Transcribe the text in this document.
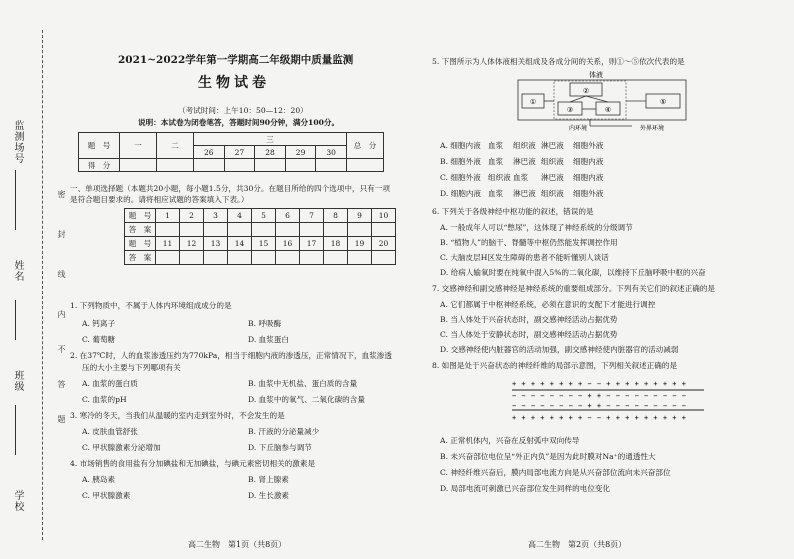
监测场号
姓名
班级
学校
密
封
线
内
不
答
题
2021~2022学年第一学期高二年级期中质量监测
生物试卷
（考试时间：上午10：50—12：20）
说明：本试卷为闭卷笔答，答题时间90分钟，满分100分。
题　号	一	二	三					总　分
			26	27	28	29	30	
得　分								
一、单项选择题（本题共20小题，每小题1.5分，共30分。在题目所给的四个选项中，只有一项
是符合题目要求的。请将相应试题的答案填入下表。）
题　号	1	2	3	4	5	6	7	8	9	10
答　案										
题　号	11	12	13	14	15	16	17	18	19	20
答　案										
1. 下列物质中，不属于人体内环境组成成分的是
A. 钙离子	B. 呼吸酶
C. 葡萄糖	D. 血浆蛋白
2. 在37℃时，人的血浆渗透压约为770kPa，相当于细胞内液的渗透压，正常情况下，血浆渗透
压的大小主要与下列哪项有关
A. 血浆的蛋白质	B. 血浆中无机盐、蛋白质的含量
C. 血浆的pH	D. 血浆中的氧气、二氧化碳的含量
3. 寒冷的冬天，当我们从温暖的室内走到室外时，不会发生的是
A. 皮肤血管舒张	B. 汗液的分泌量减少
C. 甲状腺激素分泌增加	D. 下丘脑参与调节
4. 市场销售的食用盐有分加碘盐和无加碘盐，与碘元素密切相关的激素是
A. 胰岛素	B. 肾上腺素
C. 甲状腺激素	D. 生长激素
高二生物　第1页（共8页）
5. 下图所示为人体体液相关组成及各成分间的关系，则①～⑤依次代表的是
体液
①
②
③	④
⑤
内环境	外界环境
A. 细胞内液 血浆 组织液 淋巴液 细胞外液
B. 细胞外液 血浆 淋巴液 组织液 细胞内液
C. 细胞外液 组织液 血浆 淋巴液 细胞内液
D. 细胞内液 血浆 淋巴液 组织液 细胞外液
6. 下列关于各级神经中枢功能的叙述，错误的是
A. 一般成年人可以“憋尿”，这体现了神经系统的分级调节
B. “植物人”的脑干、脊髓等中枢仍然能发挥调控作用
C. 大脑皮层H区发生障碍的患者不能听懂别人谈话
D. 给病人输氧时要在纯氧中混入5%的二氧化碳，以维持下丘脑呼吸中枢的兴奋
7. 交感神经和副交感神经是神经系统的重要组成部分。下列有关它们的叙述正确的是
A. 它们都属于中枢神经系统，必须在意识的支配下才能进行调控
B. 当人体处于兴奋状态时，副交感神经活动占据优势
C. 当人体处于安静状态时，副交感神经活动占据优势
D. 交感神经使内脏器官的活动加强，副交感神经使内脏器官的活动减弱
8. 如图是处于兴奋状态的神经纤维的局部示意图，下列相关叙述正确的是
+ + + + + + + + − − + + + + + + + + +
− − − − − − − − + + − − − − − − − − −
− − − − − − − − + + − − − − − − − − −
+ + + + + + + + − − + + + + + + + + +
A. 正常机体内，兴奋在反射弧中双向传导
B. 未兴奋部位电位呈“外正内负”是因为此时膜对Na⁺的通透性大
C. 神经纤维兴奋后，膜内局部电流方向是从兴奋部位流向未兴奋部位
D. 局部电流可刺激已兴奋部位发生同样的电位变化
高二生物　第2页（共8页）
